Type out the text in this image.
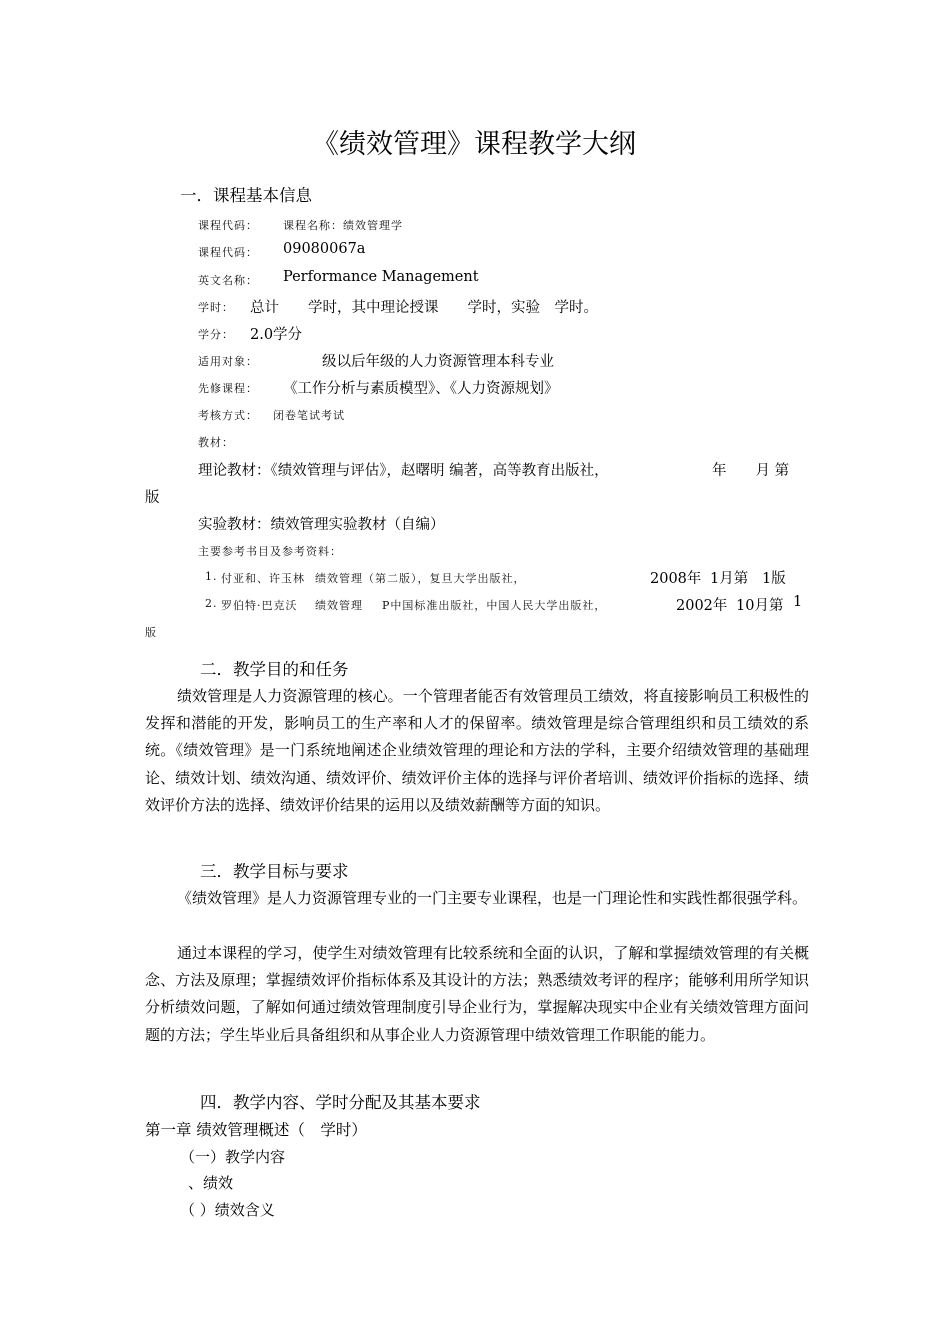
《绩效管理》课程教学大纲
一．课程基本信息
课程代码： 课程名称：绩效管理学
课程代码： 09080067a
英文名称： Performance Management
学时： 总计　　学时，其中理论授课　　学时，实验　学时。
学分： 2.0学分
适用对象：	级以后年级的人力资源管理本科专业
先修课程： 《工作分析与素质模型》、《人力资源规划》
考核方式： 闭卷笔试考试
教材：
理论教材：《绩效管理与评估》，赵曙明 编著，高等教育出版社，	年　　月 第
版
实验教材：绩效管理实验教材（自编）
主要参考书目及参考资料：
1. 付亚和、许玉林 绩效管理（第二版），复旦大学出版社，	2008年 1月第 1版
2. 罗伯特·巴克沃 绩效管理 P中国标准出版社，中国人民大学出版社，	2002年 10月第 1
版
二．教学目的和任务
绩效管理是人力资源管理的核心。一个管理者能否有效管理员工绩效，将直接影响员工积极性的发挥和潜能的开发，影响员工的生产率和人才的保留率。绩效管理是综合管理组织和员工绩效的系统。《绩效管理》是一门系统地阐述企业绩效管理的理论和方法的学科，主要介绍绩效管理的基础理论、绩效计划、绩效沟通、绩效评价、绩效评价主体的选择与评价者培训、绩效评价指标的选择、绩效评价方法的选择、绩效评价结果的运用以及绩效薪酬等方面的知识。
三．教学目标与要求
《绩效管理》是人力资源管理专业的一门主要专业课程，也是一门理论性和实践性都很强学科。
通过本课程的学习，使学生对绩效管理有比较系统和全面的认识，了解和掌握绩效管理的有关概念、方法及原理；掌握绩效评价指标体系及其设计的方法；熟悉绩效考评的程序；能够利用所学知识分析绩效问题，了解如何通过绩效管理制度引导企业行为，掌握解决现实中企业有关绩效管理方面问题的方法；学生毕业后具备组织和从事企业人力资源管理中绩效管理工作职能的能力。
四．教学内容、学时分配及其基本要求
第一章 绩效管理概述（　学时）
（一）教学内容
、绩效
（ ）绩效含义
